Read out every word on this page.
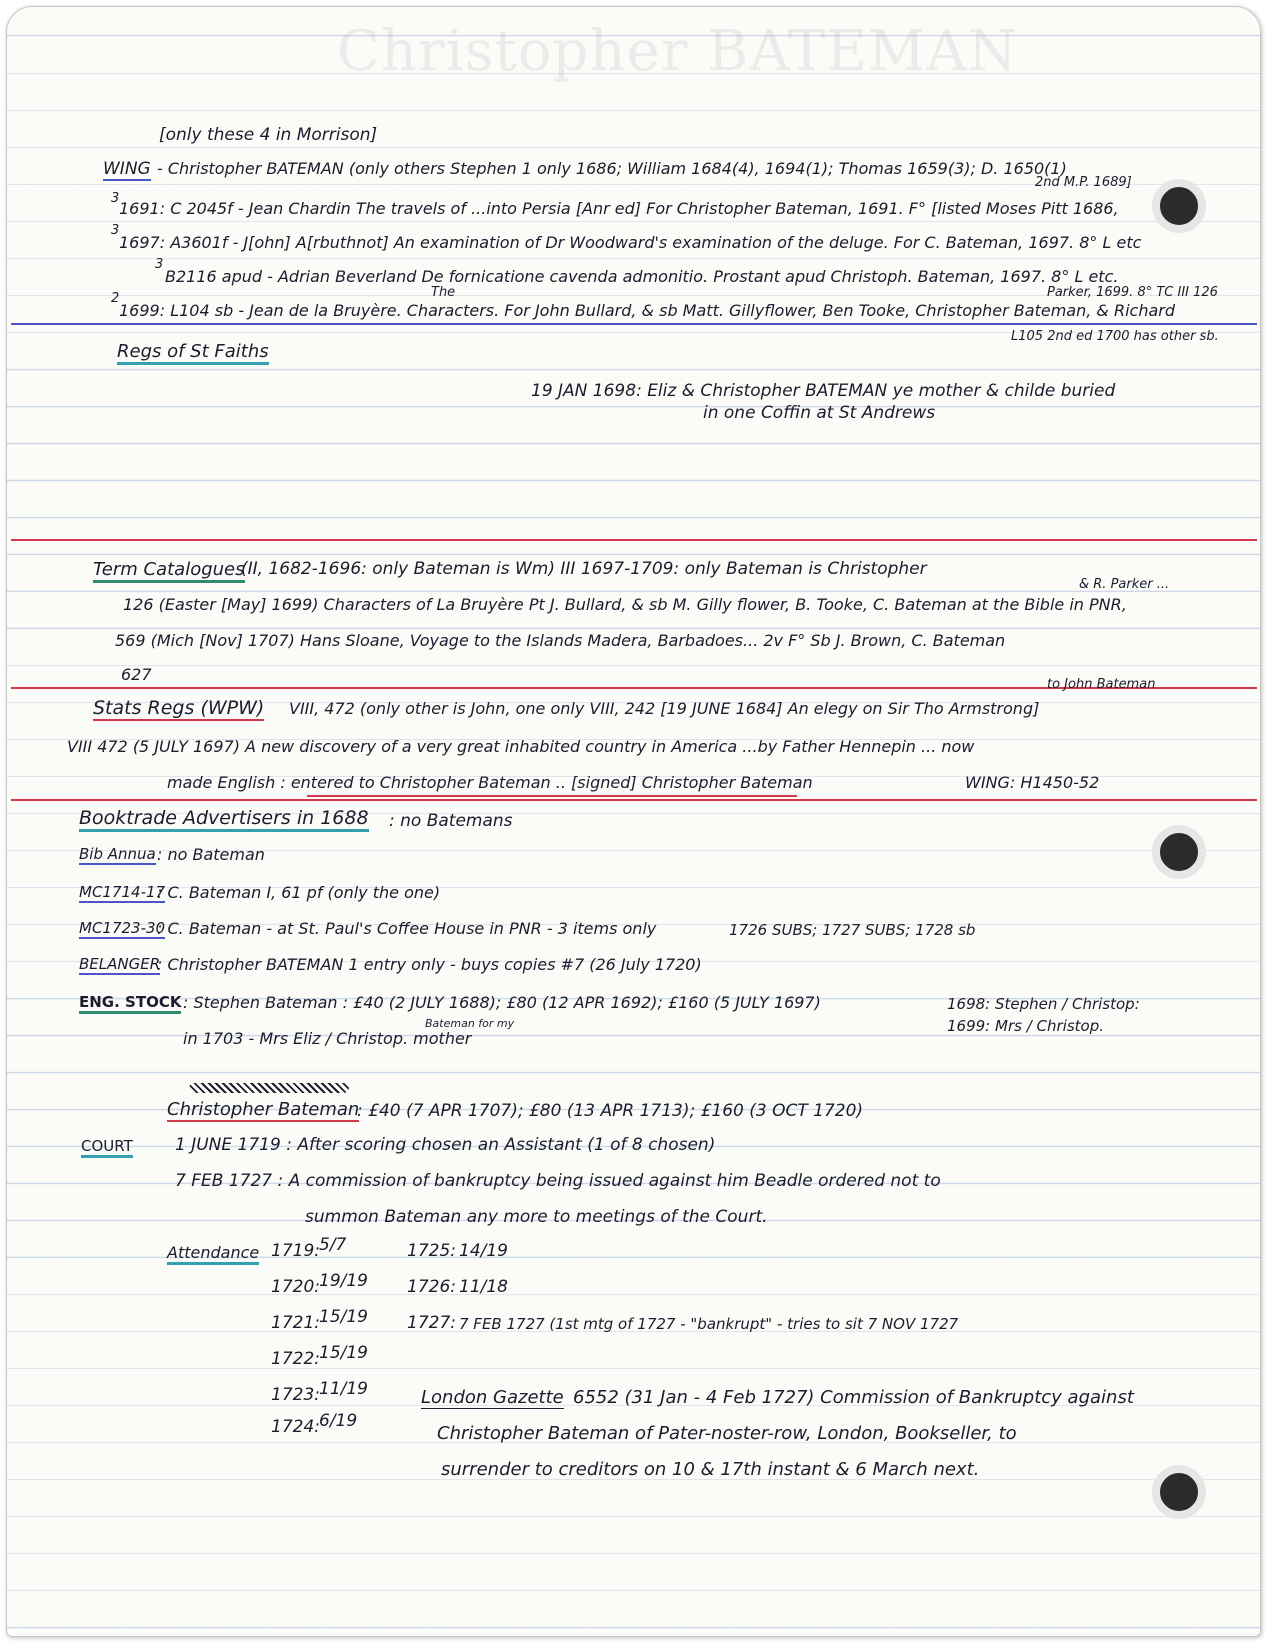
Christopher BATEMAN
[only these 4 in Morrison]
WING - Christopher BATEMAN (only others Stephen 1 only 1686; William 1684(4), 1694(1); Thomas 1659(3); D. 1650(1)
2nd M.P. 1689]
3
1691: C 2045f - Jean Chardin The travels of ...into Persia [Anr ed] For Christopher Bateman, 1691. F° [listed Moses Pitt 1686,
3
1697: A3601f - J[ohn] A[rbuthnot] An examination of Dr Woodward's examination of the deluge. For C. Bateman, 1697. 8° L etc
3
B2116 apud - Adrian Beverland De fornicatione cavenda admonitio. Prostant apud Christoph. Bateman, 1697. 8° L etc.
The	Parker, 1699. 8° TC III 126
2
1699: L104 sb - Jean de la Bruyère. Characters. For John Bullard, & sb Matt. Gillyflower, Ben Tooke, Christopher Bateman, & Richard
L105 2nd ed 1700 has other sb.
Regs of St Faiths
19 JAN 1698: Eliz & Christopher BATEMAN ye mother & childe buried
in one Coffin at St Andrews
Term Catalogues
(II, 1682-1696: only Bateman is Wm) III 1697-1709: only Bateman is Christopher
& R. Parker ...
126 (Easter [May] 1699) Characters of La Bruyère Pt J. Bullard, & sb M. Gilly flower, B. Tooke, C. Bateman at the Bible in PNR,
569 (Mich [Nov] 1707) Hans Sloane, Voyage to the Islands Madera, Barbadoes... 2v F° Sb J. Brown, C. Bateman
627
to John Bateman
Stats Regs (WPW) VIII, 472 (only other is John, one only VIII, 242 [19 JUNE 1684] An elegy on Sir Tho Armstrong]
VIII 472 (5 JULY 1697) A new discovery of a very great inhabited country in America ...by Father Hennepin ... now
made English : entered to Christopher Bateman .. [signed] Christopher Bateman	WING: H1450-52
Booktrade Advertisers in 1688 : no Batemans
Bib Annua : no Bateman
MC1714-17
: C. Bateman I, 61 pf (only the one)
MC1723-30
: C. Bateman - at St. Paul's Coffee House in PNR - 3 items only	1726 SUBS; 1727 SUBS; 1728 sb
BELANGER
: Christopher BATEMAN 1 entry only - buys copies #7 (26 July 1720)
ENG. STOCK : Stephen Bateman : £40 (2 JULY 1688); £80 (12 APR 1692); £160 (5 JULY 1697)	1698: Stephen / Christop:
1699: Mrs / Christop.
Bateman for my
in 1703 - Mrs Eliz / Christop. mother
Christopher Bateman
: £40 (7 APR 1707); £80 (13 APR 1713); £160 (3 OCT 1720)
COURT 1 JUNE 1719 : After scoring chosen an Assistant (1 of 8 chosen)
7 FEB 1727 : A commission of bankruptcy being issued against him Beadle ordered not to
summon Bateman any more to meetings of the Court.
Attendance 1719: 5/7
1720: 19/19
1721: 15/19
1722: 15/19
1723: 11/19
1724: 6/19
1725: 14/19
1726: 11/18
1727: 7 FEB 1727 (1st mtg of 1727 - "bankrupt" - tries to sit 7 NOV 1727
London Gazette 6552 (31 Jan - 4 Feb 1727) Commission of Bankruptcy against
Christopher Bateman of Pater-noster-row, London, Bookseller, to
surrender to creditors on 10 & 17th instant & 6 March next.
